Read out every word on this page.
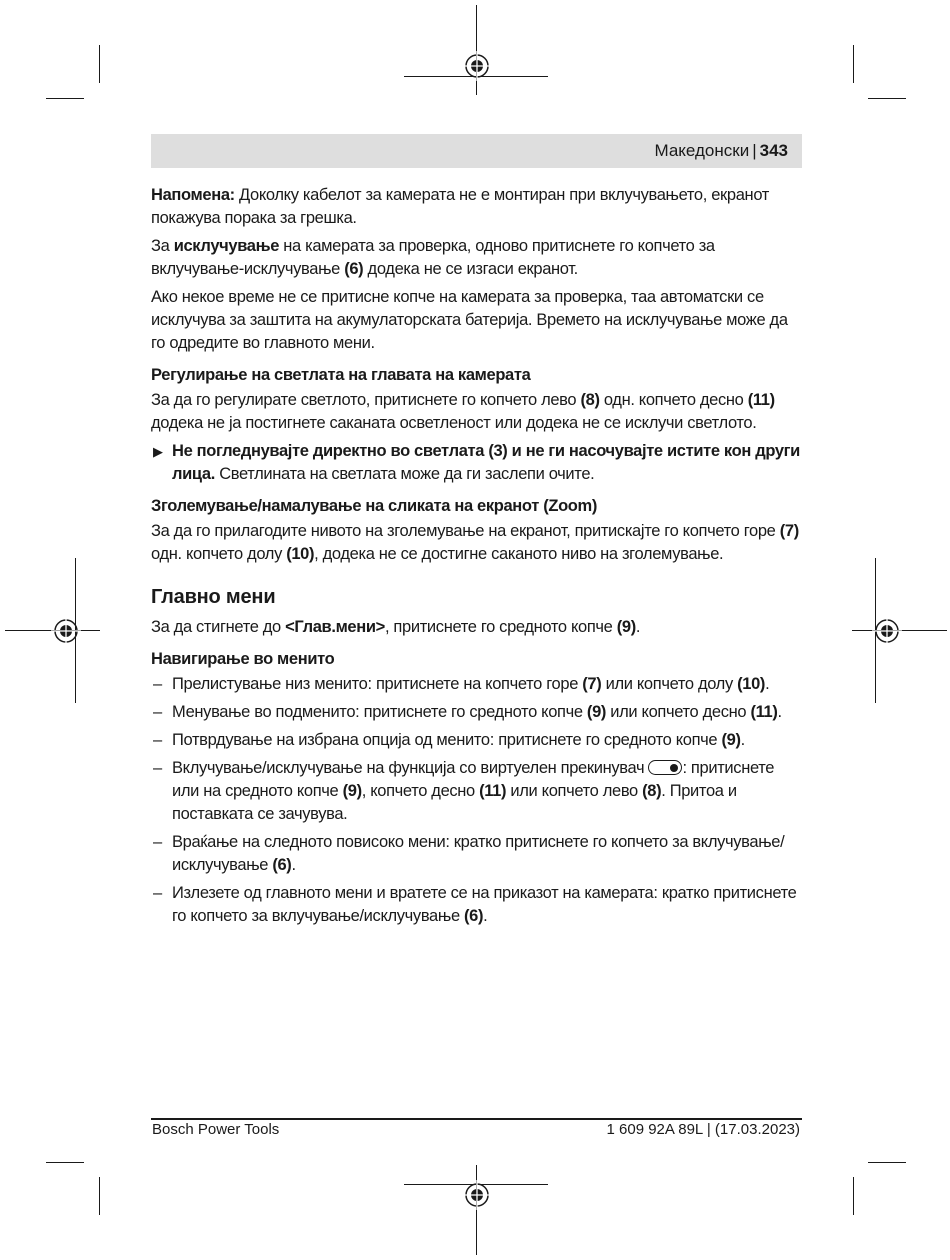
Македонски | 343

Напомена: Доколку кабелот за камерата не е монтиран при вклучувањето, екранот покажува порака за грешка.

За исклучување на камерата за проверка, одново притиснете го копчето за вклучување-исклучување (6) додека не се изгаси екранот.

Ако некое време не се притисне копче на камерата за проверка, таа автоматски се исклучува за заштита на акумулаторската батерија. Времето на исклучување може да го одредите во главното мени.

Регулирање на светлата на главата на камерата

За да го регулирате светлото, притиснете го копчето лево (8) одн. копчето десно (11) додека не ја постигнете саканата осветленост или додека не се исклучи светлото.

▶ Не погледнувајте директно во светлата (3) и не ги насочувајте истите кон други лица. Светлината на светлата може да ги заслепи очите.
Зголемување/намалување на сликата на екранот (Zoom)

За да го прилагодите нивото на зголемување на екранот, притискајте го копчето горе (7) одн. копчето долу (10), додека не се достигне саканото ниво на зголемување.

Главно мени

За да стигнете до <Глав.мени>, притиснете го средното копче (9).

Навигирање во менито
– Прелистување низ менито: притиснете на копчето горе (7) или копчето долу (10).
– Менување во подменито: притиснете го средното копче (9) или копчето десно (11).
– Потврдување на избрана опција од менито: притиснете го средното копче (9).
– Вклучување/исклучување на функција со виртуелен прекинувач
: притиснете или на средното копче (9), копчето десно (11) или копчето лево (8). Притоа и поставката се зачувува.
– Враќање на следното повисоко мени: кратко притиснете го копчето за вклучување/исклучување (6).
– Излезете од главното мени и вратете се на приказот на камерата: кратко притиснете го копчето за вклучување/исклучување (6).
Bosch Power Tools	1 609 92A 89L | (17.03.2023)
